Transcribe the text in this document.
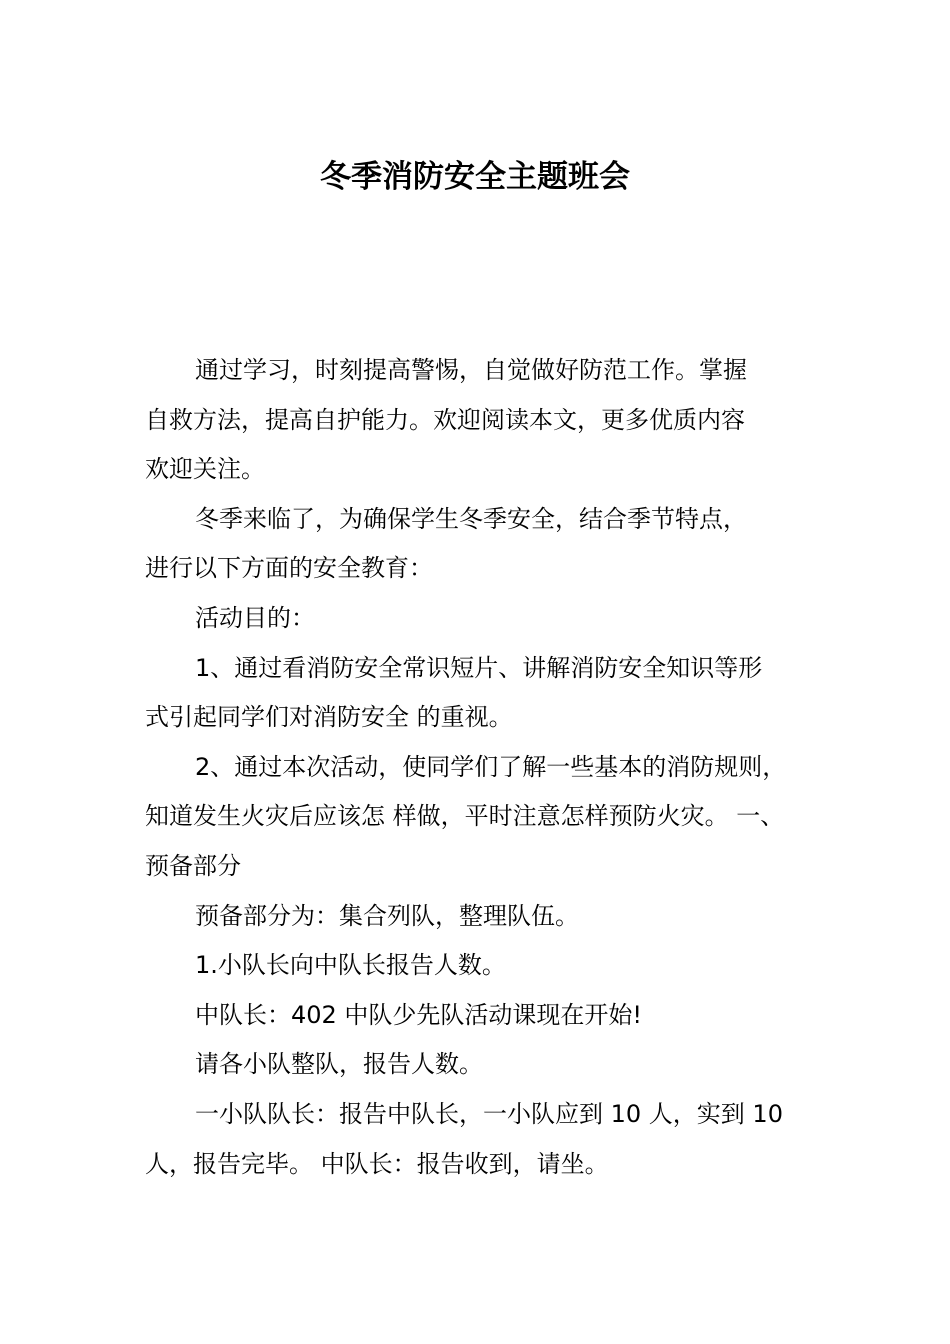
冬季消防安全主题班会

通过学习，时刻提高警惕，自觉做好防范工作。掌握
自救方法，提高自护能力。欢迎阅读本文，更多优质内容
欢迎关注。

冬季来临了，为确保学生冬季安全，结合季节特点，
进行以下方面的安全教育：

活动目的：

1、通过看消防安全常识短片、讲解消防安全知识等形
式引起同学们对消防安全 的重视。

2、通过本次活动，使同学们了解一些基本的消防规则，
知道发生火灾后应该怎 样做，平时注意怎样预防火灾。 一、
预备部分

预备部分为：集合列队，整理队伍。

1.小队长向中队长报告人数。

中队长：402 中队少先队活动课现在开始!

请各小队整队，报告人数。

一小队队长：报告中队长，一小队应到 10 人，实到 10
人，报告完毕。 中队长：报告收到，请坐。
